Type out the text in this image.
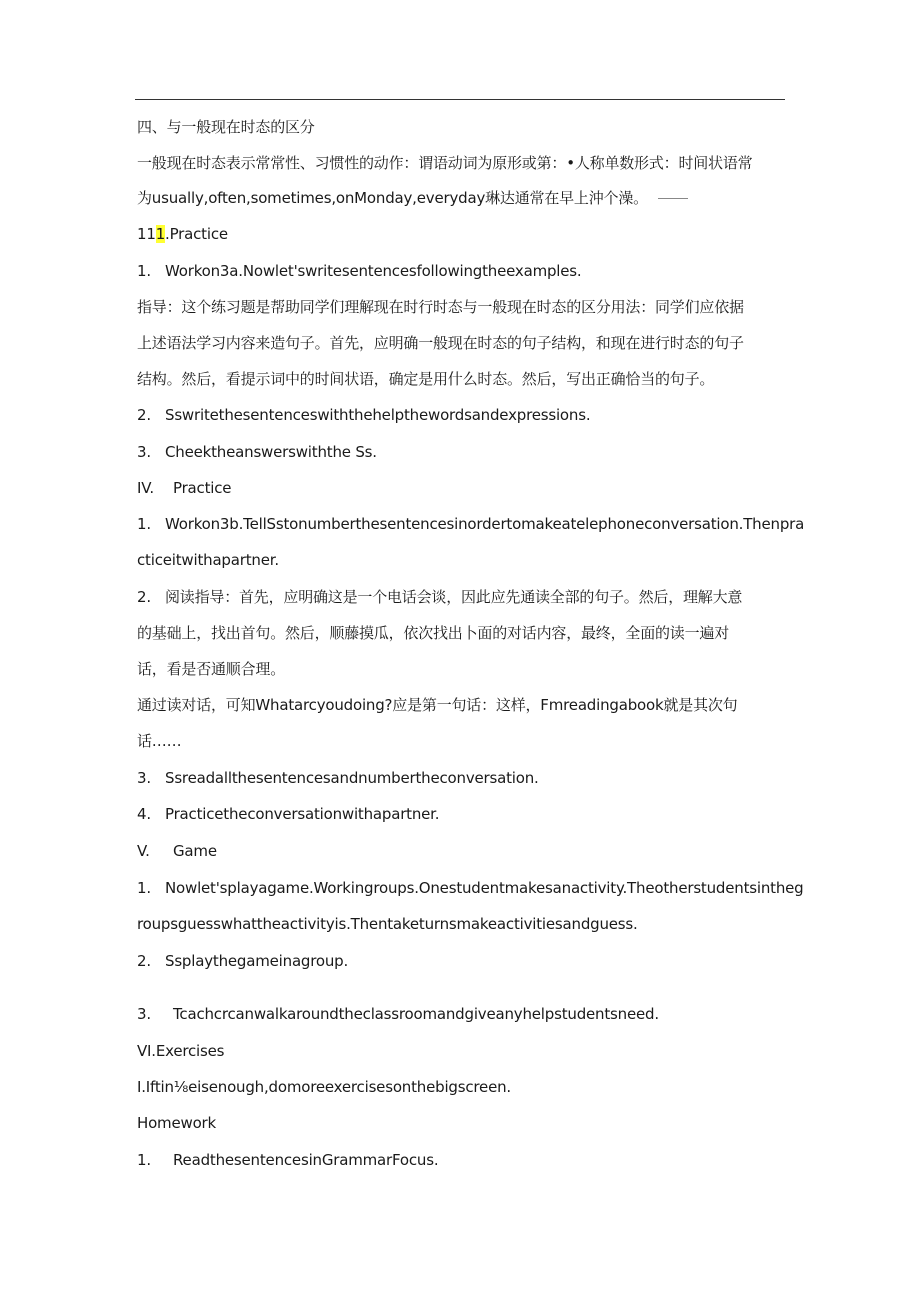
四、与一般现在时态的区分
一般现在时态表示常常性、习惯性的动作：谓语动词为原形或第：•人称单数形式：时间状语常
为usually,often,sometimes,onMonday,everyday琳达通常在早上沖个澡。
111.Practice
1. Workon3a.Nowlet'swritesentencesfollowingtheexamples.
指导：这个练习题是帮助同学们理解现在时行时态与一般现在时态的区分用法：同学们应依据
上述语法学习内容来造句子。首先，应明确一般现在时态的句子结构，和现在进行时态的句子
结构。然后，看提示词中的时间状语，确定是用什么时态。然后，写出正确恰当的句子。
2. Sswritethesentenceswiththehelpthewordsandexpressions.
3. Cheektheanswerswiththe Ss.
IV. Practice
1. Workon3b.TellSstonumberthesentencesinordertomakeatelephoneconversation.Thenpra
cticeitwithapartner.
2. 阅读指导：首先，应明确这是一个电话会谈，因此应先通读全部的句子。然后，理解大意
的基础上，找出首句。然后，顺藤摸瓜，依次找出卜面的对话内容，最终，全面的读一遍对
话，看是否通顺合理。
通过读对话，可知Whatarcyoudoing?应是第一句话：这样，Fmreadingabook就是其次句
话……
3. Ssreadallthesentencesandnumbertheconversation.
4. Practicetheconversationwithapartner.
V. Game
1. Nowlet'splayagame.Workingroups.Onestudentmakesanactivity.Theotherstudentsintheg
roupsguesswhattheactivityis.Thentaketurnsmakeactivitiesandguess.
2. Ssplaythegameinagroup.
3. Tcachcrcanwalkaroundtheclassroomandgiveanyhelpstudentsneed.
VI.Exercises
I.Iftin⅛eisenough,domoreexercisesonthebigscreen.
Homework
1. ReadthesentencesinGrammarFocus.
